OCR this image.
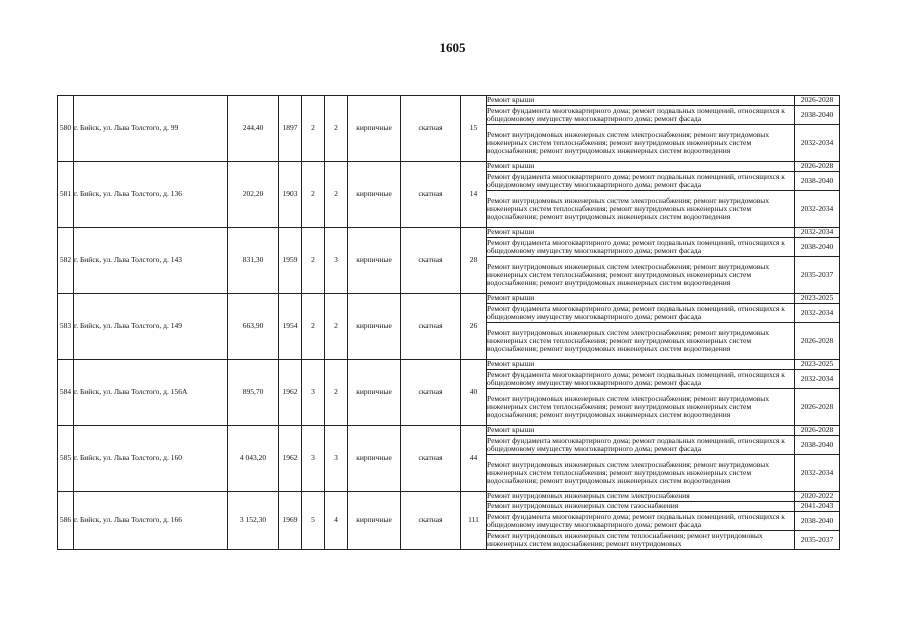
1605
580	г. Бийск, ул. Льва Толстого, д. 99	244,40	1897	2	2	кирпичные	скатная	15	Ремонт крыши	2026-2028
									Ремонт фундамента многоквартирного дома; ремонт подвальных помещений, относящихся к общедомовому имуществу многоквартирного дома; ремонт фасада	2038-2040
									Ремонт внутридомовых инженерных систем электроснабжения; ремонт внутридомовых инженерных систем теплоснабжения; ремонт внутридомовых инженерных систем водоснабжения; ремонт внутридомовых инженерных систем водоотведения	2032-2034
581	г. Бийск, ул. Льва Толстого, д. 136	202,20	1903	2	2	кирпичные	скатная	14	Ремонт крыши	2026-2028
									Ремонт фундамента многоквартирного дома; ремонт подвальных помещений, относящихся к общедомовому имуществу многоквартирного дома; ремонт фасада	2038-2040
									Ремонт внутридомовых инженерных систем электроснабжения; ремонт внутридомовых инженерных систем теплоснабжения; ремонт внутридомовых инженерных систем водоснабжения; ремонт внутридомовых инженерных систем водоотведения	2032-2034
582	г. Бийск, ул. Льва Толстого, д. 143	831,30	1959	2	3	кирпичные	скатная	28	Ремонт крыши	2032-2034
									Ремонт фундамента многоквартирного дома; ремонт подвальных помещений, относящихся к общедомовому имуществу многоквартирного дома; ремонт фасада	2038-2040
									Ремонт внутридомовых инженерных систем электроснабжения; ремонт внутридомовых инженерных систем теплоснабжения; ремонт внутридомовых инженерных систем водоснабжения; ремонт внутридомовых инженерных систем водоотведения	2035-2037
583	г. Бийск, ул. Льва Толстого, д. 149	663,90	1954	2	2	кирпичные	скатная	26	Ремонт крыши	2023-2025
									Ремонт фундамента многоквартирного дома; ремонт подвальных помещений, относящихся к общедомовому имуществу многоквартирного дома; ремонт фасада	2032-2034
									Ремонт внутридомовых инженерных систем электроснабжения; ремонт внутридомовых инженерных систем теплоснабжения; ремонт внутридомовых инженерных систем водоснабжения; ремонт внутридомовых инженерных систем водоотведения	2026-2028
584	г. Бийск, ул. Льва Толстого, д. 156А	895,70	1962	3	2	кирпичные	скатная	40	Ремонт крыши	2023-2025
									Ремонт фундамента многоквартирного дома; ремонт подвальных помещений, относящихся к общедомовому имуществу многоквартирного дома; ремонт фасада	2032-2034
									Ремонт внутридомовых инженерных систем электроснабжения; ремонт внутридомовых инженерных систем теплоснабжения; ремонт внутридомовых инженерных систем водоснабжения; ремонт внутридомовых инженерных систем водоотведения	2026-2028
585	г. Бийск, ул. Льва Толстого, д. 160	4 043,20	1962	3	3	кирпичные	скатная	44	Ремонт крыши	2026-2028
									Ремонт фундамента многоквартирного дома; ремонт подвальных помещений, относящихся к общедомовому имуществу многоквартирного дома; ремонт фасада	2038-2040
									Ремонт внутридомовых инженерных систем электроснабжения; ремонт внутридомовых инженерных систем теплоснабжения; ремонт внутридомовых инженерных систем водоснабжения; ремонт внутридомовых инженерных систем водоотведения	2032-2034
586	г. Бийск, ул. Льва Толстого, д. 166	3 152,30	1969	5	4	кирпичные	скатная	111	Ремонт внутридомовых инженерных систем электроснабжения	2020-2022
									Ремонт внутридомовых инженерных систем газоснабжения	2041-2043
									Ремонт фундамента многоквартирного дома; ремонт подвальных помещений, относящихся к общедомовому имуществу многоквартирного дома; ремонт фасада	2038-2040
									Ремонт внутридомовых инженерных систем теплоснабжения; ремонт внутридомовых инженерных систем водоснабжения; ремонт внутридомовых	2035-2037
